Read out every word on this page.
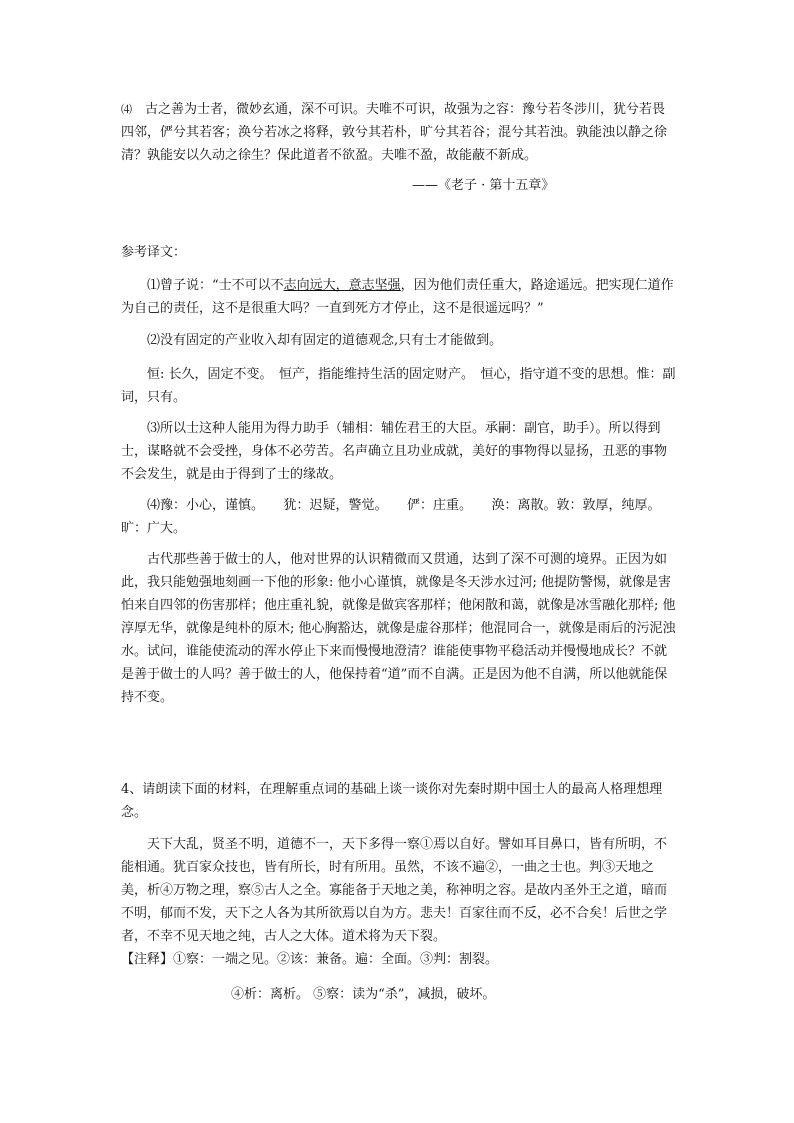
⑷　 古之善为士者，微妙玄通，深不可识。夫唯不可识，故强为之容：豫兮若冬涉川，犹兮若畏四邻，俨兮其若客；涣兮若冰之将释，敦兮其若朴，旷兮其若谷；混兮其若浊。孰能浊以静之徐清？孰能安以久动之徐生？保此道者不欲盈。夫唯不盈，故能蔽不新成。

——《老子 · 第十五章》

参考译文：

⑴曾子说：“士不可以不志向远大，意志坚强，因为他们责任重大，路途遥远。把实现仁道作为自己的责任，这不是很重大吗？一直到死方才停止，这不是很遥远吗？”

⑵没有固定的产业收入却有固定的道德观念,只有士才能做到。

恒: 长久，固定不变。　恒产，指能维持生活的固定财产。　恒心，指守道不变的思想。惟：副词，只有。

⑶所以士这种人能用为得力助手（辅相：辅佐君王的大臣。承嗣：副官，助手）。所以得到士，谋略就不会受挫，身体不必劳苦。名声确立且功业成就，美好的事物得以显扬，丑恶的事物不会发生，就是由于得到了士的缘故。

⑷豫：小心，谨慎。　　犹：迟疑，警觉。　　俨：庄重。　　涣：离散。敦：敦厚，纯厚。　　旷：广大。

古代那些善于做士的人，他对世界的认识精微而又贯通，达到了深不可测的境界。正因为如此，我只能勉强地刻画一下他的形象: 他小心谨慎，就像是冬天涉水过河; 他提防警惕，就像是害怕来自四邻的伤害那样；他庄重礼貌，就像是做宾客那样；他闲散和蔼，就像是冰雪融化那样; 他淳厚无华，就像是纯朴的原木; 他心胸豁达，就像是虚谷那样；他混同合一，就像是雨后的污泥浊水。试问，谁能使流动的浑水停止下来而慢慢地澄清？谁能使事物平稳活动并慢慢地成长？不就是善于做士的人吗？善于做士的人，他保持着“道”而不自满。正是因为他不自满，所以他就能保持不变。

4、请朗读下面的材料，在理解重点词的基础上谈一谈你对先秦时期中国士人的最高人格理想理念。

天下大乱，贤圣不明，道德不一，天下多得一察①焉以自好。譬如耳目鼻口，皆有所明，不能相通。犹百家众技也，皆有所长，时有所用。虽然，不该不遍②，一曲之士也。判③天地之美，析④万物之理，察⑤古人之全。寡能备于天地之美，称神明之容。是故内圣外王之道，暗而不明，郁而不发，天下之人各为其所欲焉以自为方。悲夫！百家往而不反，必不合矣！后世之学者，不幸不见天地之纯，古人之大体。道术将为天下裂。

【注释】①察：一端之见。②该：兼备。遍：全面。③判：割裂。

④析：离析。 ⑤察：读为“杀”，减损，破坏。
